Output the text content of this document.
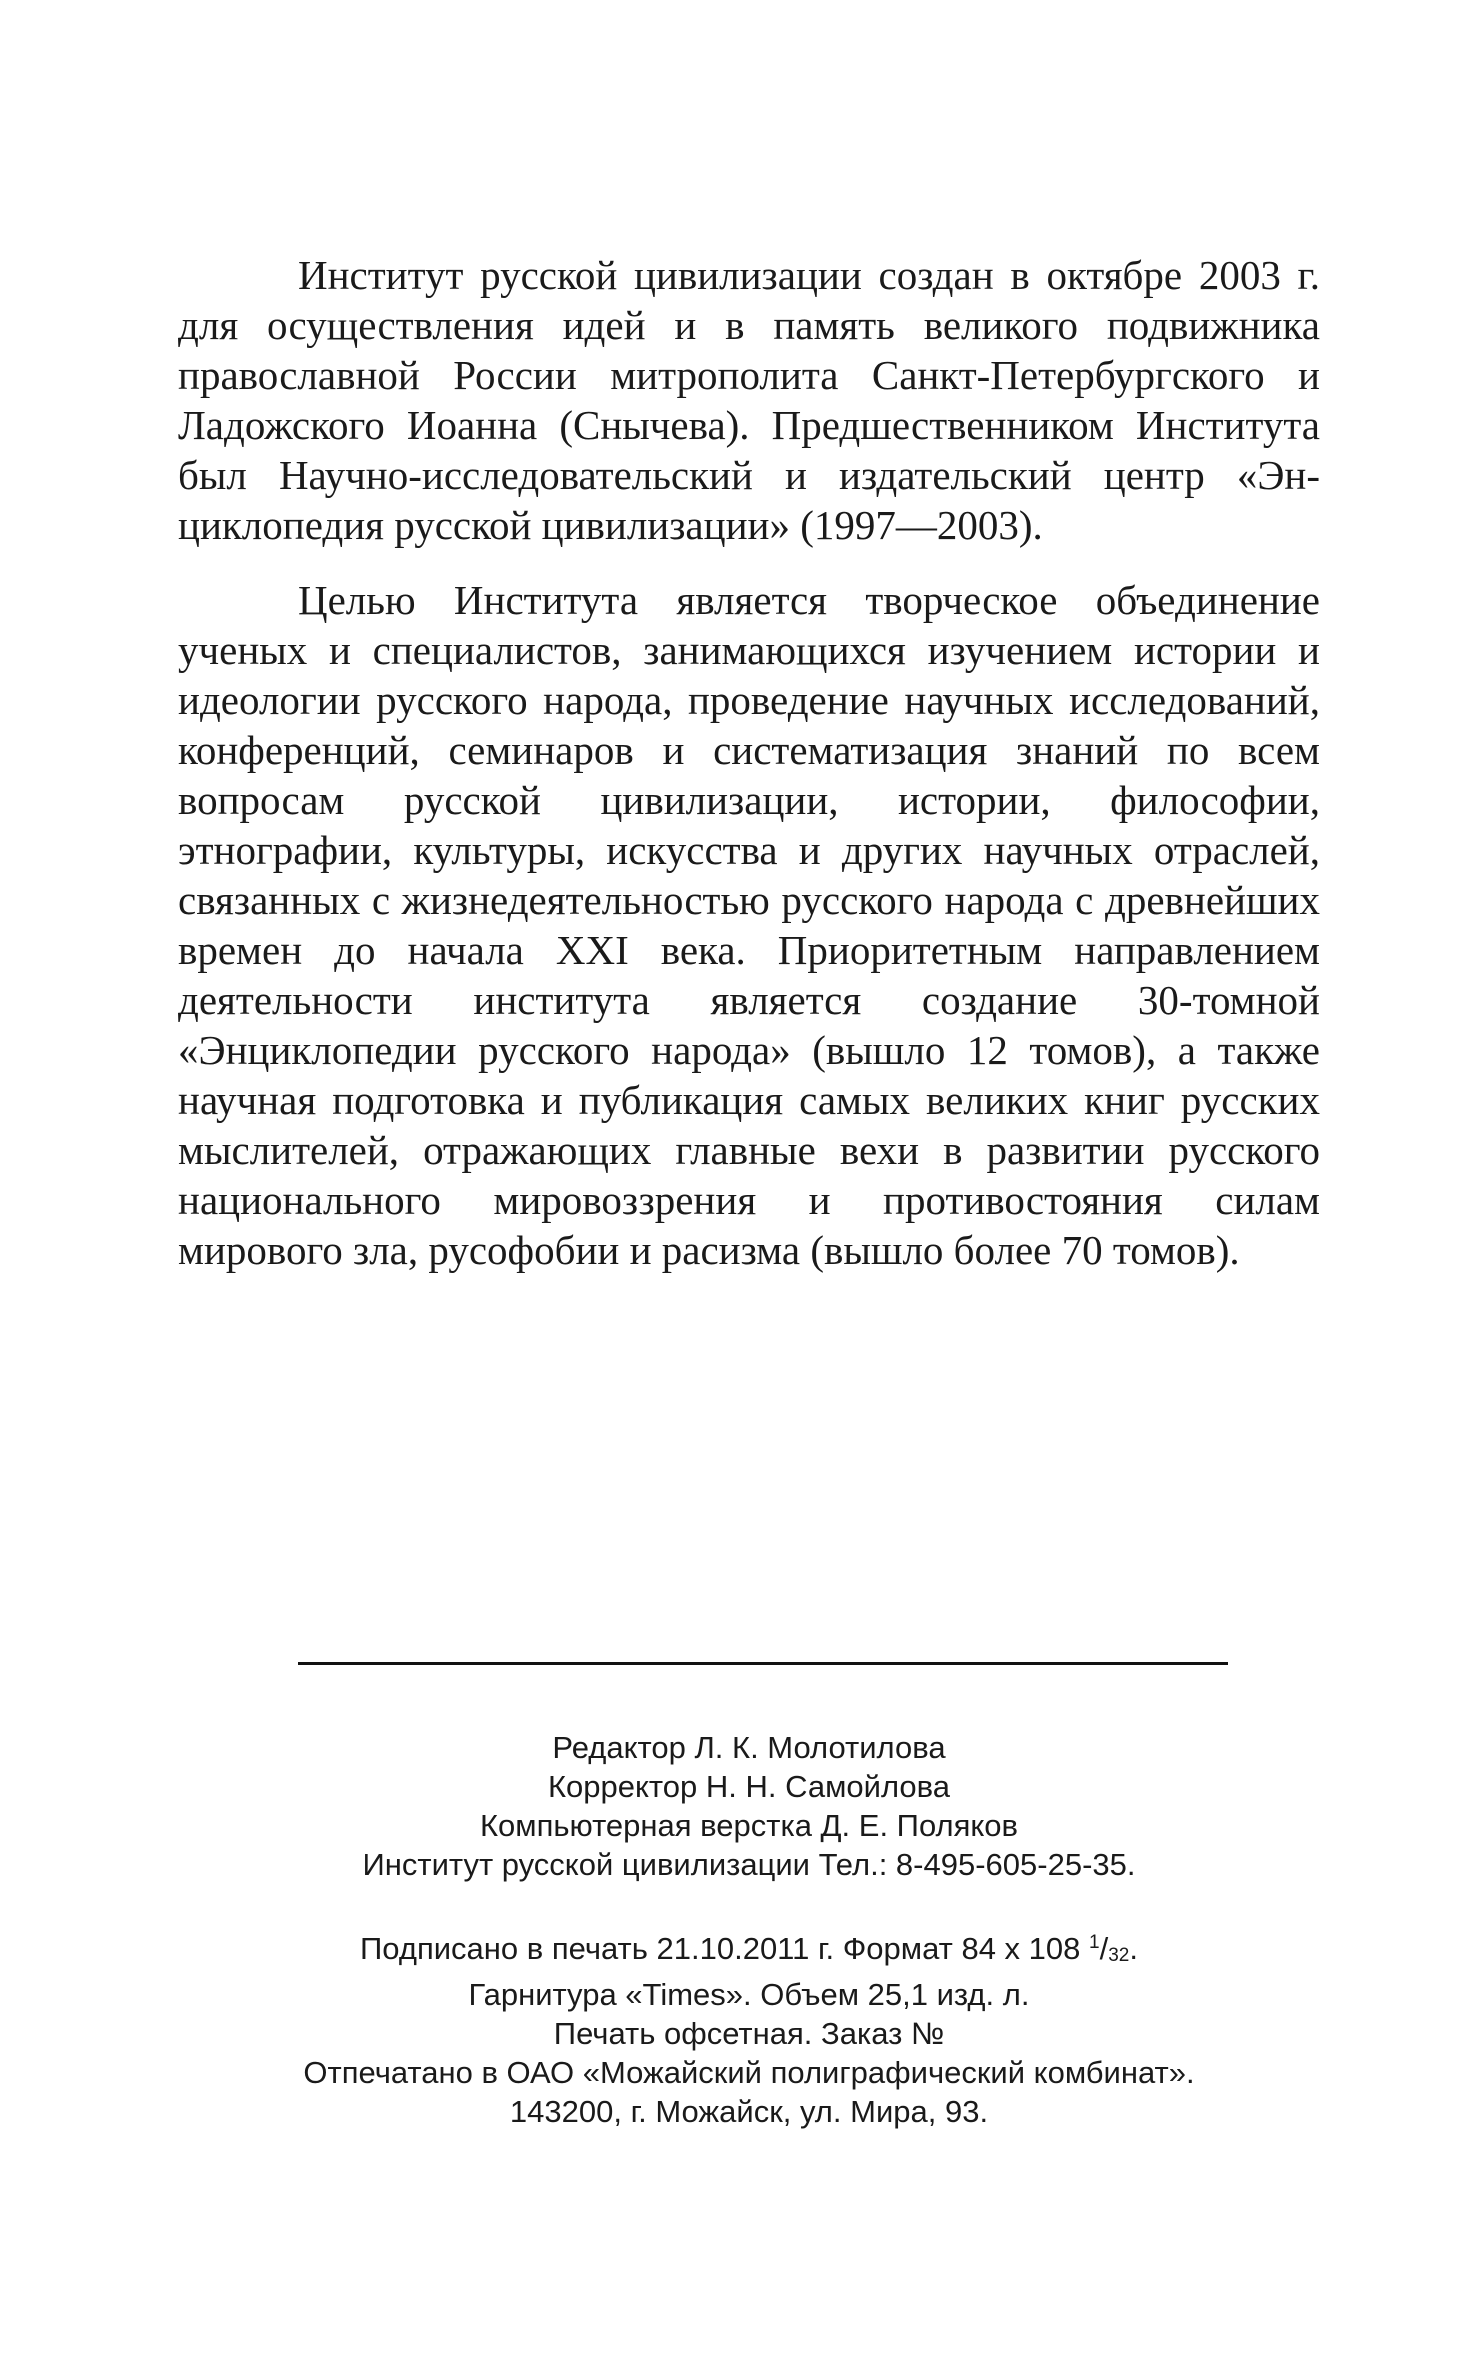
Институт русской цивилизации создан в октябре 2003 г. для осуществления идей и в память великого подвижника православной России митрополита Санкт-Петербургского и Ладожского Иоанна (Снычева). Предшественником Института был Научно-исследовательский и издательский центр «Энциклопедия русской цивилизации» (1997—2003).

Целью Института является творческое объединение ученых и специалистов, занимающихся изучением истории и идеологии русского народа, проведение научных исследований, конференций, семинаров и систематизация знаний по всем вопросам русской цивилизации, истории, философии, этнографии, культуры, искусства и других научных отраслей, связанных с жизнедеятельностью русского народа с древнейших времен до начала XXI века. Приоритетным направлением деятельности института является создание 30-томной «Энциклопедии русского народа» (вышло 12 томов), а также научная подготовка и публикация самых великих книг русских мыслителей, отражающих главные вехи в развитии русского национального мировоззрения и противостояния силам мирового зла, русофобии и расизма (вышло более 70 томов).

Редактор Л. К. Молотилова
Корректор Н. Н. Самойлова
Компьютерная верстка Д. Е. Поляков
Институт русской цивилизации Тел.: 8-495-605-25-35.
Подписано в печать 21.10.2011 г. Формат 84 x 108 $^1$/32.
Гарнитура «Times». Объем 25,1 изд. л.
Печать офсетная. Заказ №
Отпечатано в ОАО «Можайский полиграфический комбинат».
143200, г. Можайск, ул. Мира, 93.
